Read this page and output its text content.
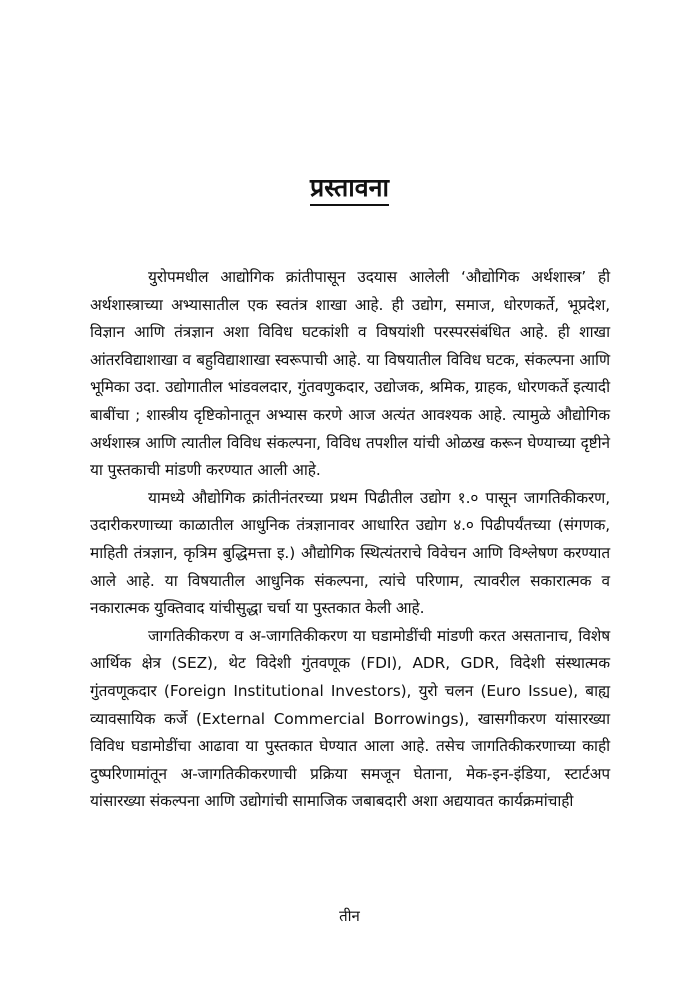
प्रस्तावना

युरोपमधील आद्योगिक क्रांतीपासून उदयास आलेली ‘औद्योगिक अर्थशास्त्र’ ही अर्थशास्त्राच्या अभ्यासातील एक स्वतंत्र शाखा आहे. ही उद्योग, समाज, धोरणकर्ते, भूप्रदेश, विज्ञान आणि तंत्रज्ञान अशा विविध घटकांशी व विषयांशी परस्परसंबंधित आहे. ही शाखा आंतरविद्याशाखा व बहुविद्याशाखा स्वरूपाची आहे. या विषयातील विविध घटक, संकल्पना आणि भूमिका उदा. उद्योगातील भांडवलदार, गुंतवणुकदार, उद्योजक, श्रमिक, ग्राहक, धोरणकर्ते इत्यादी बाबींचा ; शास्त्रीय दृष्टिकोनातून अभ्यास करणे आज अत्यंत आवश्यक आहे. त्यामुळे औद्योगिक अर्थशास्त्र आणि त्यातील विविध संकल्पना, विविध तपशील यांची ओळख करून घेण्याच्या दृष्टीने या पुस्तकाची मांडणी करण्यात आली आहे.

यामध्ये औद्योगिक क्रांतीनंतरच्या प्रथम पिढीतील उद्योग १.० पासून जागतिकीकरण, उदारीकरणाच्या काळातील आधुनिक तंत्रज्ञानावर आधारित उद्योग ४.० पिढीपर्यंतच्या (संगणक, माहिती तंत्रज्ञान, कृत्रिम बुद्धिमत्ता इ.) औद्योगिक स्थित्यंतराचे विवेचन आणि विश्लेषण करण्यात आले आहे. या विषयातील आधुनिक संकल्पना, त्यांचे परिणाम, त्यावरील सकारात्मक व नकारात्मक युक्तिवाद यांचीसुद्धा चर्चा या पुस्तकात केली आहे.

जागतिकीकरण व अ-जागतिकीकरण या घडामोडींची मांडणी करत असतानाच, विशेष आर्थिक क्षेत्र (SEZ), थेट विदेशी गुंतवणूक (FDI), ADR, GDR, विदेशी संस्थात्मक गुंतवणूकदार (Foreign Institutional Investors), युरो चलन (Euro Issue), बाह्य व्यावसायिक कर्जे (External Commercial Borrowings), खासगीकरण यांसारख्या विविध घडामोडींचा आढावा या पुस्तकात घेण्यात आला आहे. तसेच जागतिकीकरणाच्या काही दुष्परिणामांतून अ-जागतिकीकरणाची प्रक्रिया समजून घेताना, मेक-इन-इंडिया, स्टार्टअप यांसारख्या संकल्पना आणि उद्योगांची सामाजिक जबाबदारी अशा अद्ययावत कार्यक्रमांचाही

तीन
